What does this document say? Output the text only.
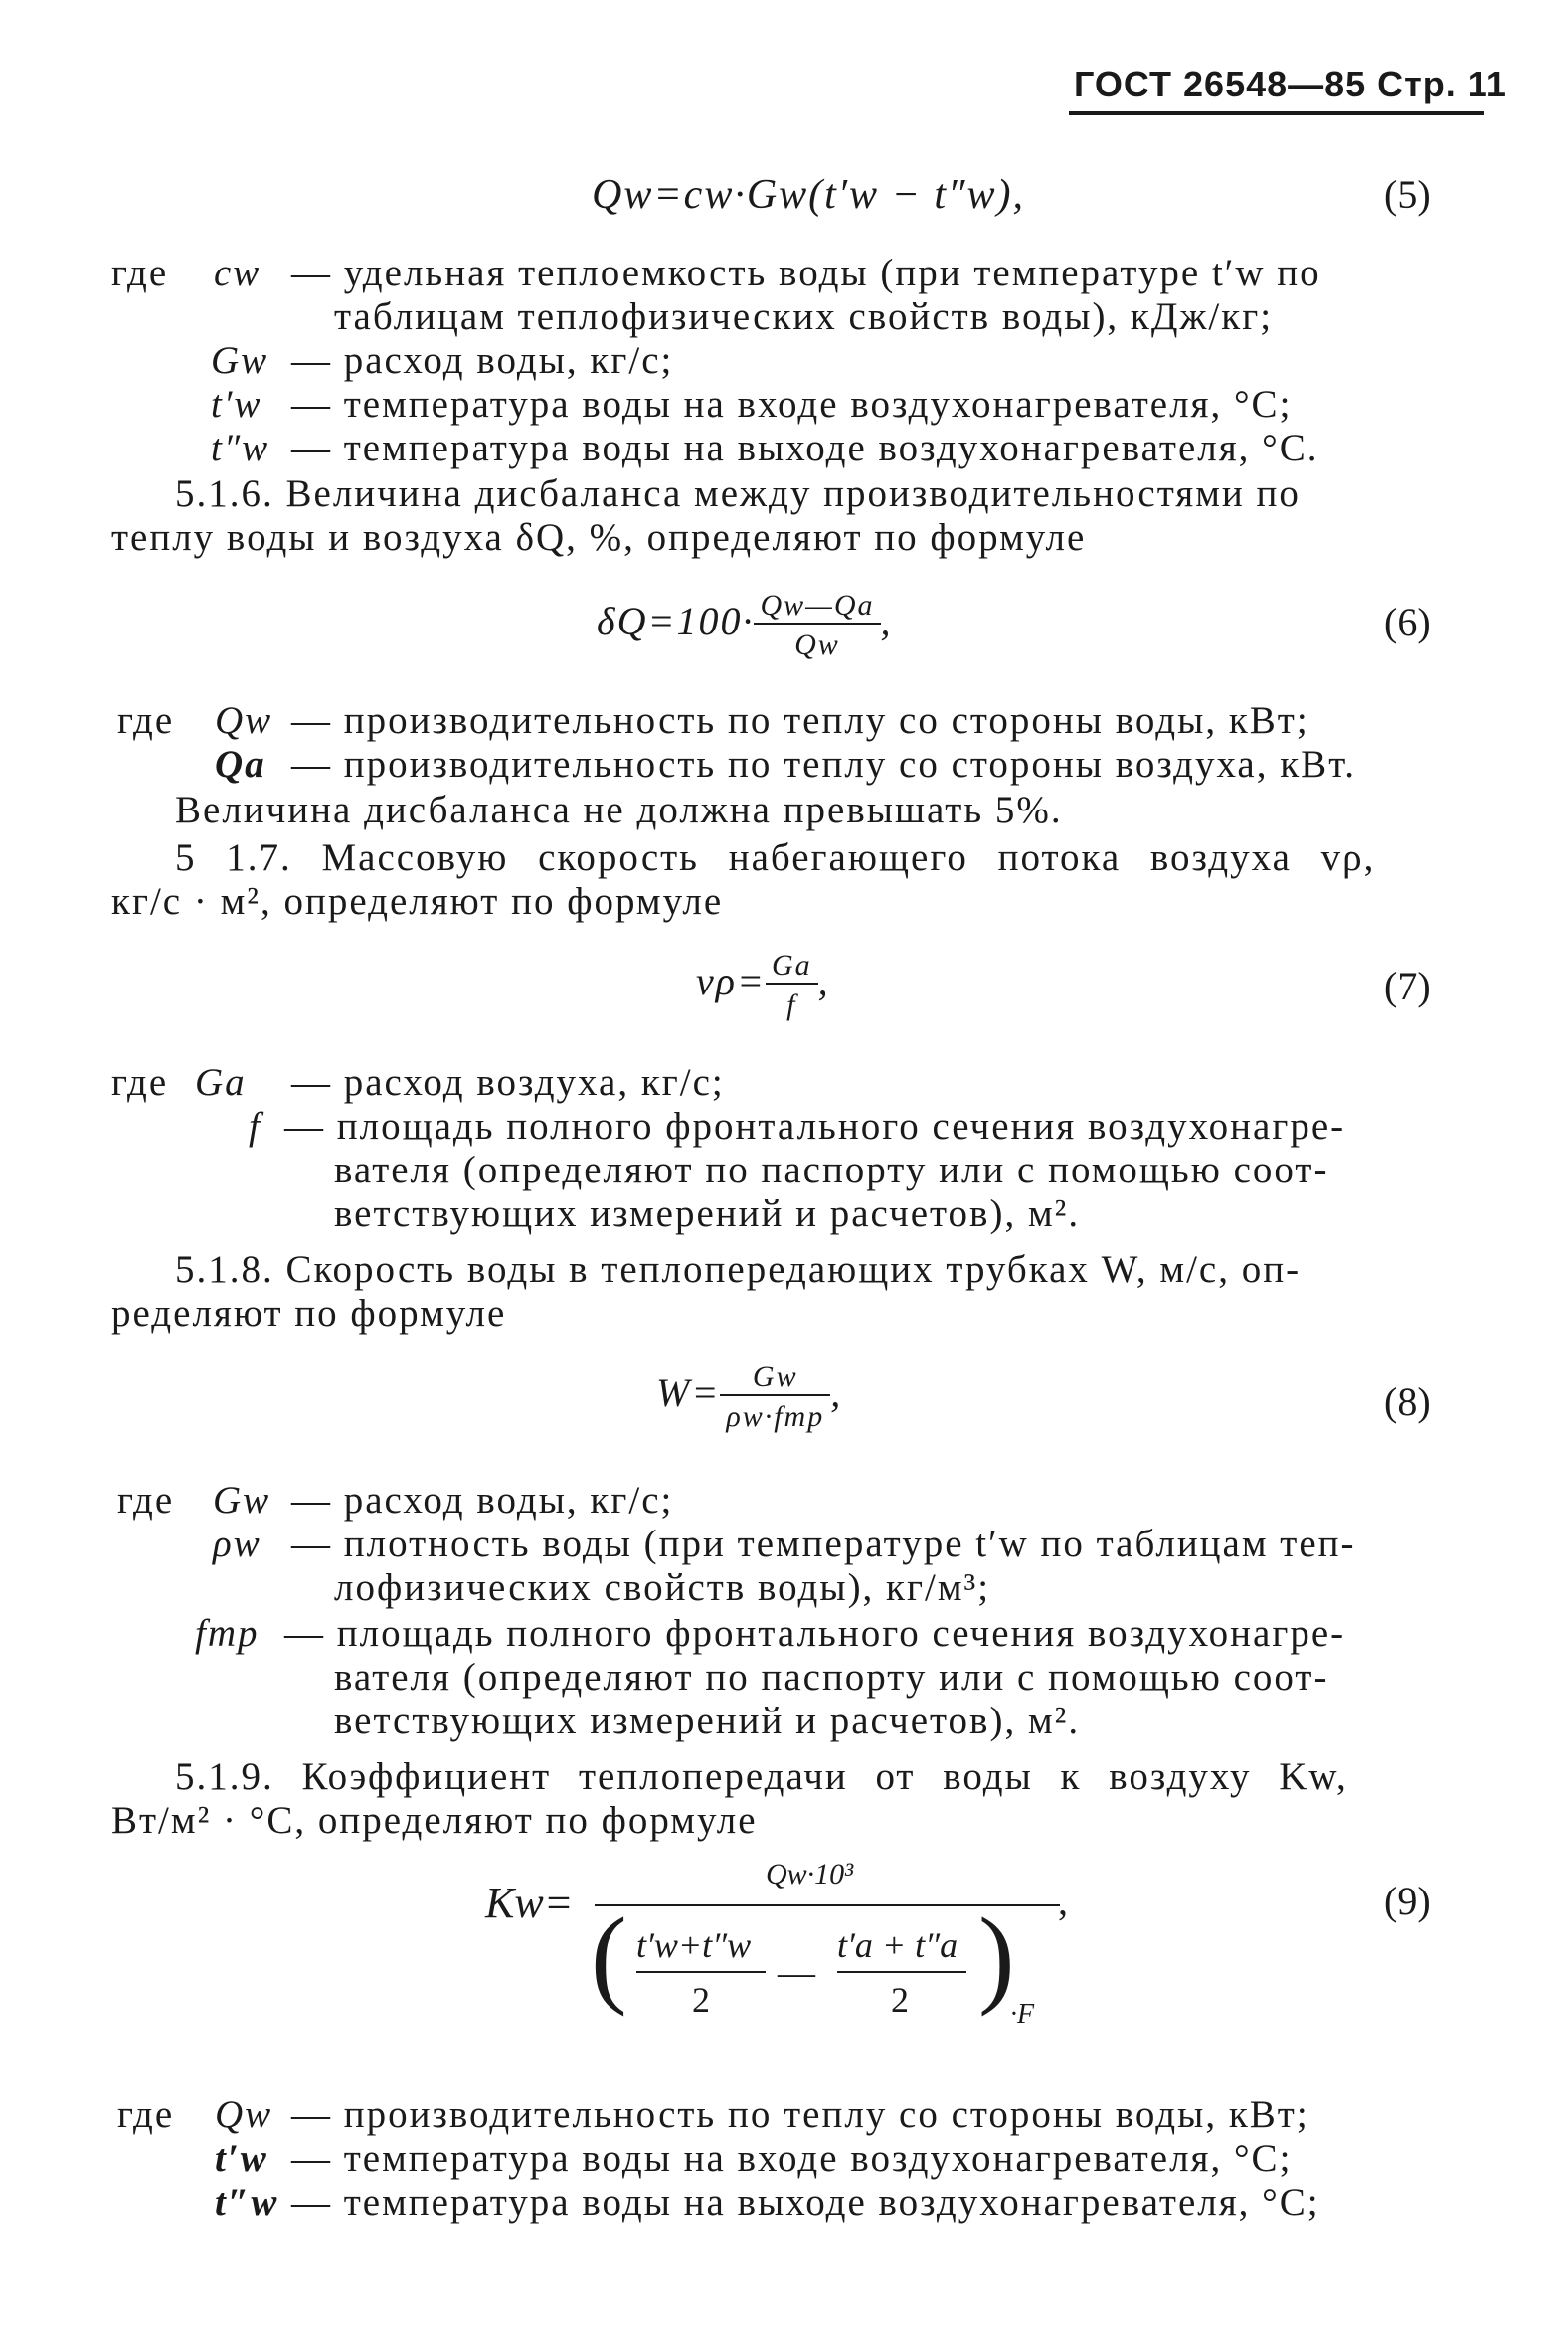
ГОСТ 26548—85 Стр. 11
Qw=cw·Gw(t′w − t″w),	(5)
где cw — удельная теплоемкость воды (при температуре t′w по
таблицам теплофизических свойств воды), кДж/кг;
Gw — расход воды, кг/с;
t′w — температура воды на входе воздухонагревателя, °С;
t″w — температура воды на выходе воздухонагревателя, °С.
5.1.6. Величина дисбаланса между производительностями по
теплу воды и воздуха δQ, %, определяют по формуле
$\delta Q=100\cdot \frac{Qw—Qa}{Qw}$ ,	(6)
где Qw — производительность по теплу со стороны воды, кВт;
Qa — производительность по теплу со стороны воздуха, кВт.
Величина дисбаланса не должна превышать 5%.
5 1.7. Массовую скорость набегающего потока воздуха vρ,
кг/с · м², определяют по формуле
$v\rho= \frac{Ga}{f}$ ,	(7)
где Ga — расход воздуха, кг/с;
f — площадь полного фронтального сечения воздухонагре-
вателя (определяют по паспорту или с помощью соот-
ветствующих измерений и расчетов), м².
5.1.8. Скорость воды в теплопередающих трубках W, м/с, оп-
ределяют по формуле
$W= \frac{Gw}{\text{ρw·fтр}}$ ,	(8)
где Gw — расход воды, кг/с;
ρw — плотность воды (при температуре t′w по таблицам теп-
лофизических свойств воды), кг/м³;
fтр — площадь полного фронтального сечения воздухонагре-
вателя (определяют по паспорту или с помощью соот-
ветствующих измерений и расчетов), м².
5.1.9. Коэффициент теплопередачи от воды к воздуху Kw,
Вт/м² · °С, определяют по формуле
Kw=
Qw·10³
,
( t′w+t″w
2
—
t′a + t″a
2 )
·F
(9)
где Qw — производительность по теплу со стороны воды, кВт;
t′w — температура воды на входе воздухонагревателя, °С;
t″w — температура воды на выходе воздухонагревателя, °С;
